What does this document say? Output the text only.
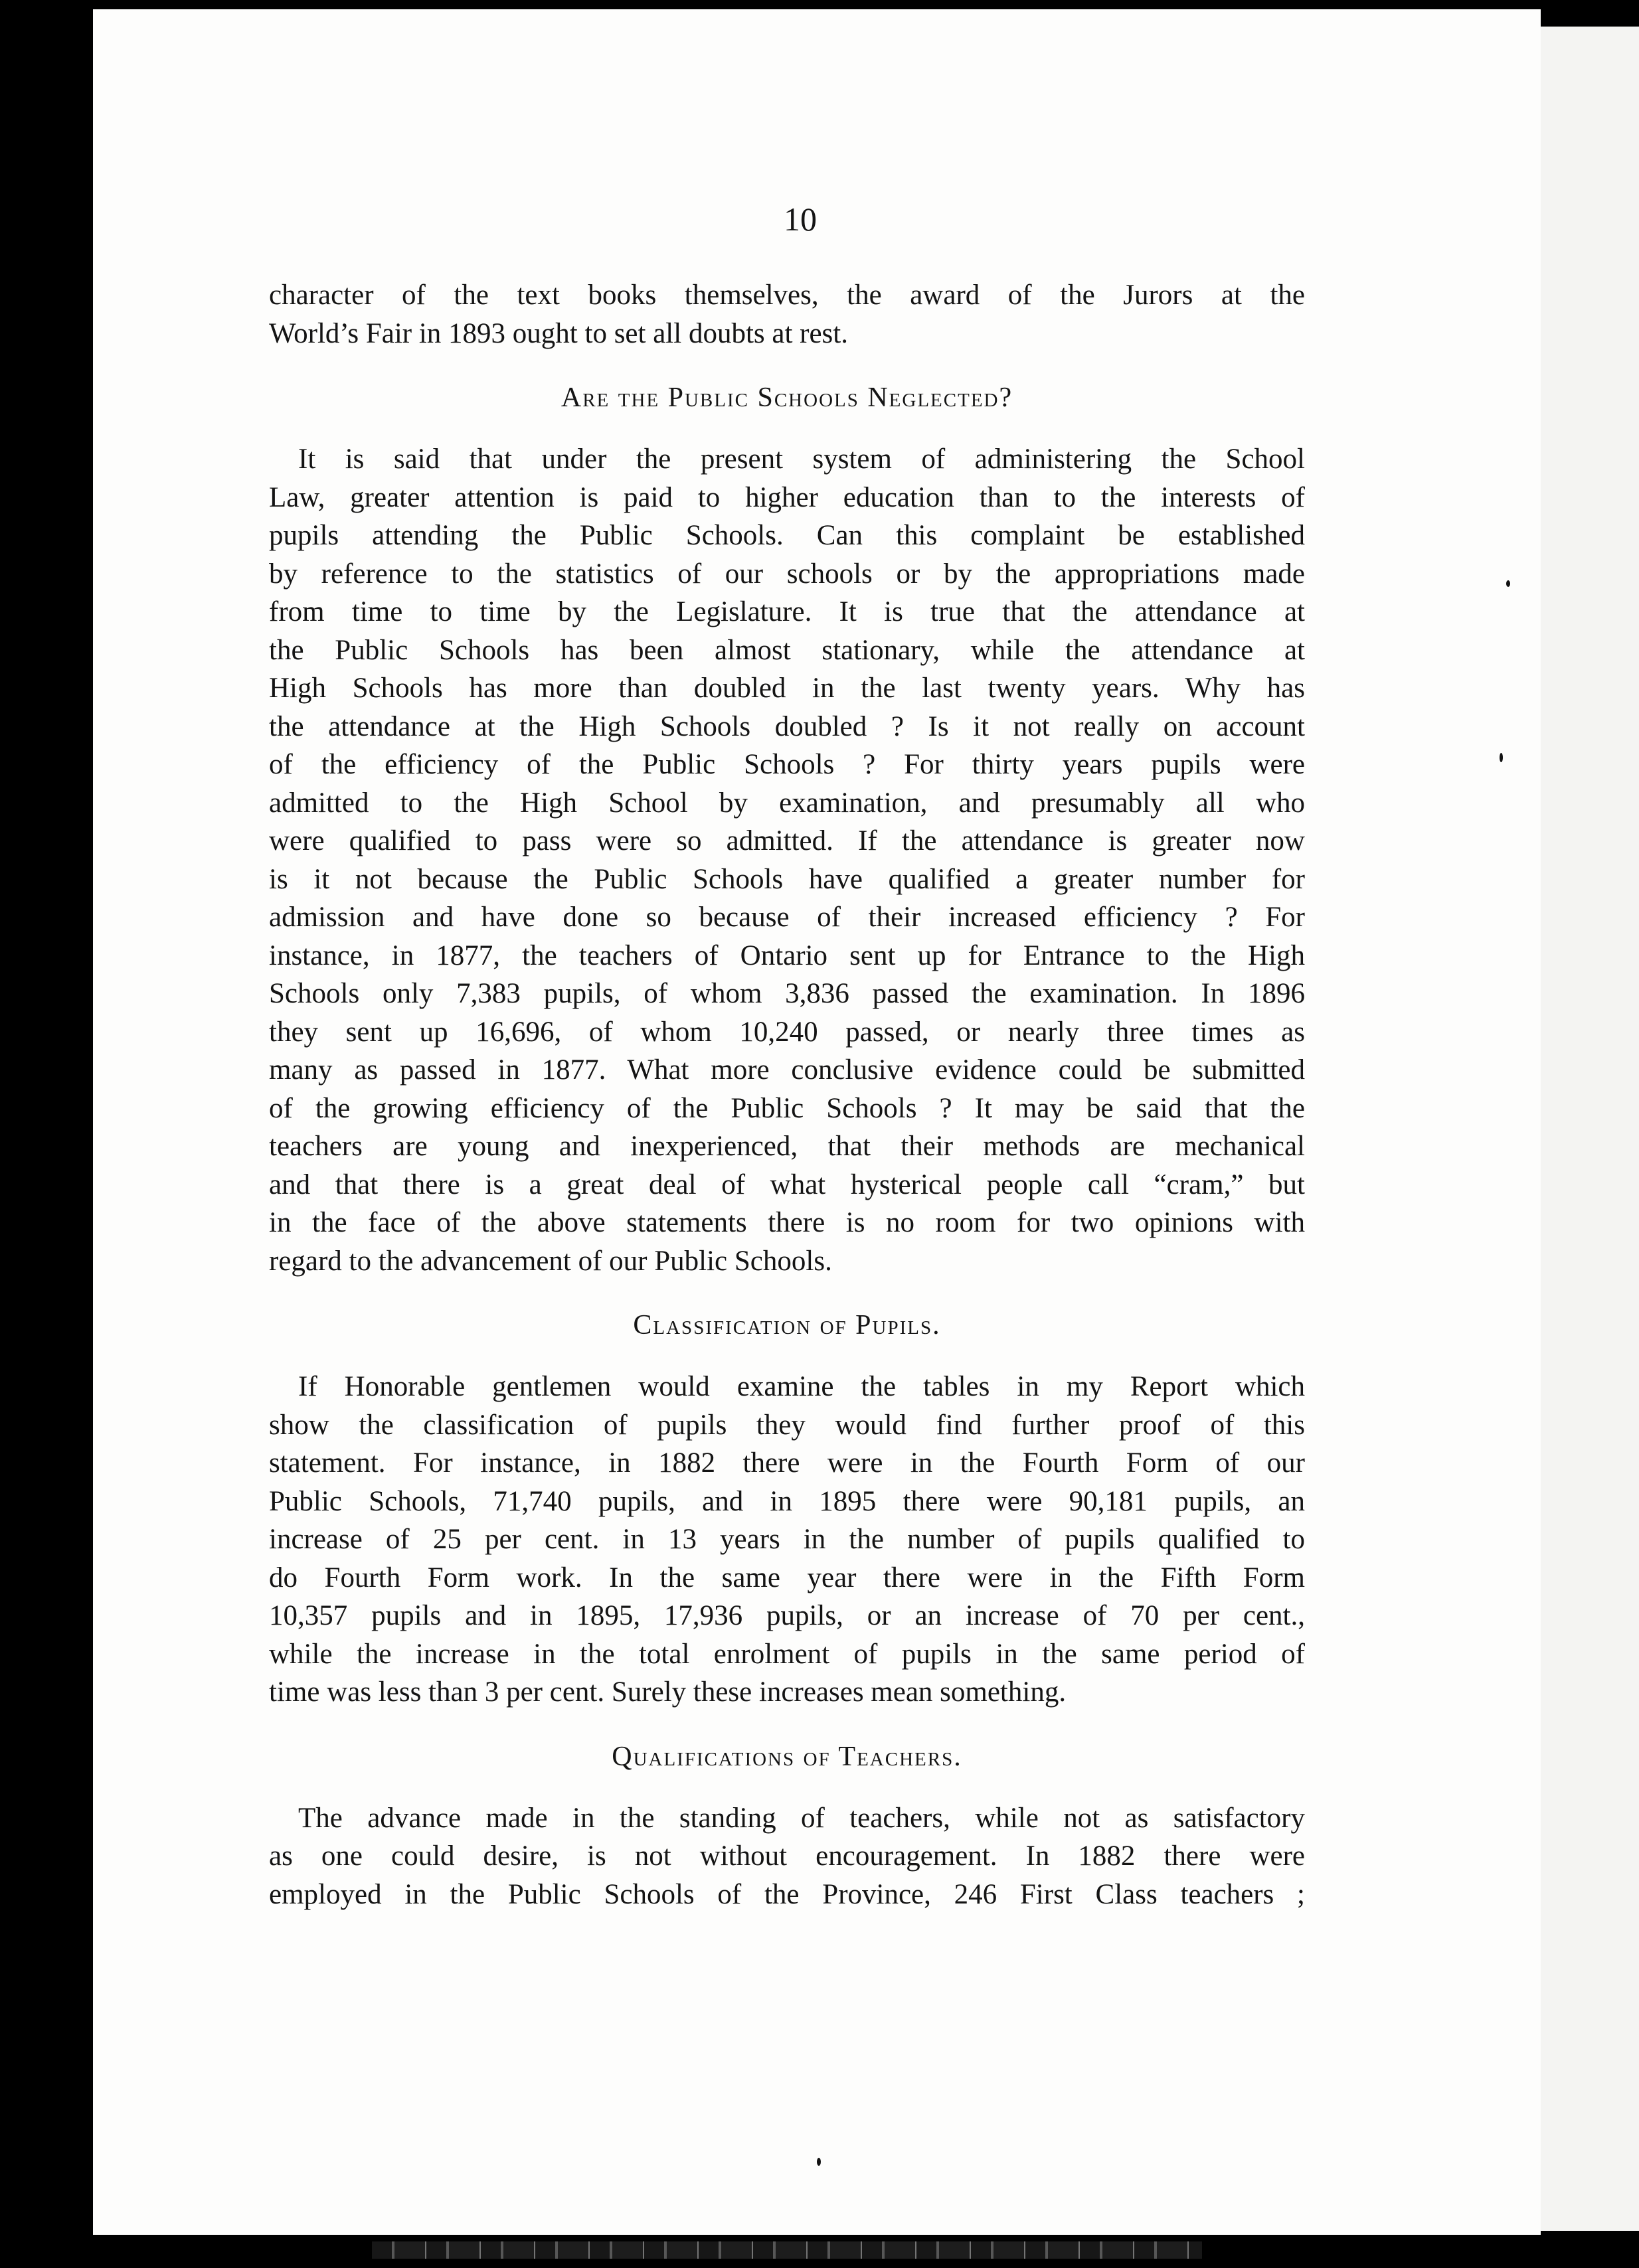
10

character of the text books themselves, the award of the Jurors at the
World’s Fair in 1893 ought to set all doubts at rest.

Are the Public Schools Neglected?

It is said that under the present system of administering the School
Law, greater attention is paid to higher education than to the interests of
pupils attending the Public Schools. Can this complaint be established
by reference to the statistics of our schools or by the appropriations made
from time to time by the Legislature. It is true that the attendance at
the Public Schools has been almost stationary, while the attendance at
High Schools has more than doubled in the last twenty years. Why has
the attendance at the High Schools doubled ? Is it not really on account
of the efficiency of the Public Schools ? For thirty years pupils were
admitted to the High School by examination, and presumably all who
were qualified to pass were so admitted. If the attendance is greater now
is it not because the Public Schools have qualified a greater number for
admission and have done so because of their increased efficiency ? For
instance, in 1877, the teachers of Ontario sent up for Entrance to the High
Schools only 7,383 pupils, of whom 3,836 passed the examination. In 1896
they sent up 16,696, of whom 10,240 passed, or nearly three times as
many as passed in 1877. What more conclusive evidence could be submitted
of the growing efficiency of the Public Schools ? It may be said that the
teachers are young and inexperienced, that their methods are mechanical
and that there is a great deal of what hysterical people call “cram,” but
in the face of the above statements there is no room for two opinions with
regard to the advancement of our Public Schools.

Classification of Pupils.

If Honorable gentlemen would examine the tables in my Report which
show the classification of pupils they would find further proof of this
statement. For instance, in 1882 there were in the Fourth Form of our
Public Schools, 71,740 pupils, and in 1895 there were 90,181 pupils, an
increase of 25 per cent. in 13 years in the number of pupils qualified to
do Fourth Form work. In the same year there were in the Fifth Form
10,357 pupils and in 1895, 17,936 pupils, or an increase of 70 per cent.,
while the increase in the total enrolment of pupils in the same period of
time was less than 3 per cent. Surely these increases mean something.

Qualifications of Teachers.

The advance made in the standing of teachers, while not as satisfactory
as one could desire, is not without encouragement. In 1882 there were
employed in the Public Schools of the Province, 246 First Class teachers ;
